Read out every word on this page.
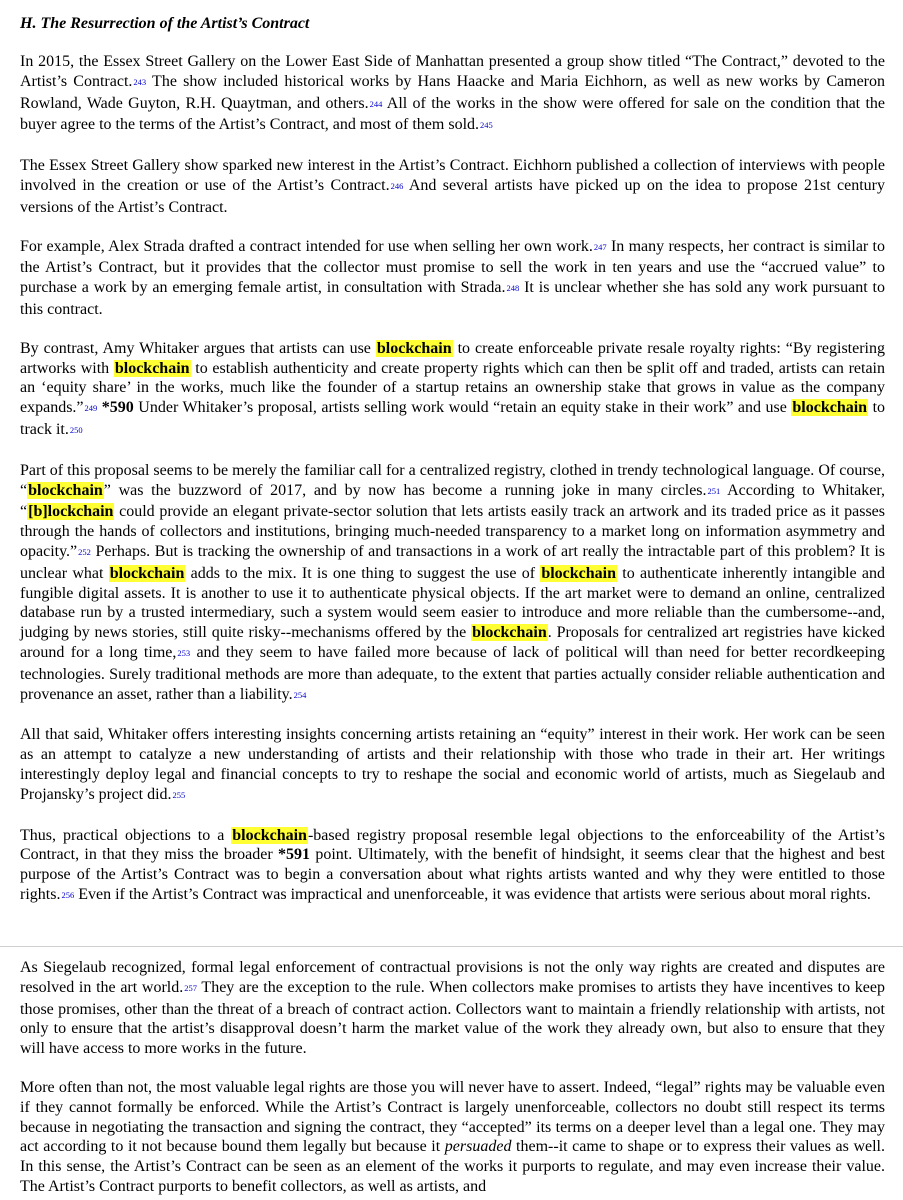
H. The Resurrection of the Artist’s Contract

In 2015, the Essex Street Gallery on the Lower East Side of Manhattan presented a group show titled “The Contract,” devoted to the Artist’s Contract.$^{243}$ The show included historical works by Hans Haacke and Maria Eichhorn, as well as new works by Cameron Rowland, Wade Guyton, R.H. Quaytman, and others.$^{244}$ All of the works in the show were offered for sale on the condition that the buyer agree to the terms of the Artist’s Contract, and most of them sold.$^{245}$

The Essex Street Gallery show sparked new interest in the Artist’s Contract. Eichhorn published a collection of interviews with people involved in the creation or use of the Artist’s Contract.$^{246}$ And several artists have picked up on the idea to propose 21st century versions of the Artist’s Contract.

For example, Alex Strada drafted a contract intended for use when selling her own work.$^{247}$ In many respects, her contract is similar to the Artist’s Contract, but it provides that the collector must promise to sell the work in ten years and use the “accrued value” to purchase a work by an emerging female artist, in consultation with Strada.$^{248}$ It is unclear whether she has sold any work pursuant to this contract.

By contrast, Amy Whitaker argues that artists can use blockchain to create enforceable private resale royalty rights: “By registering artworks with blockchain to establish authenticity and create property rights which can then be split off and traded, artists can retain an ‘equity share’ in the works, much like the founder of a startup retains an ownership stake that grows in value as the company expands.”$^{249}$ *590 Under Whitaker’s proposal, artists selling work would “retain an equity stake in their work” and use blockchain to track it.$^{250}$

Part of this proposal seems to be merely the familiar call for a centralized registry, clothed in trendy technological language. Of course, “blockchain” was the buzzword of 2017, and by now has become a running joke in many circles.$^{251}$ According to Whitaker, “[b]lockchain could provide an elegant private-sector solution that lets artists easily track an artwork and its traded price as it passes through the hands of collectors and institutions, bringing much-needed transparency to a market long on information asymmetry and opacity.”$^{252}$ Perhaps. But is tracking the ownership of and transactions in a work of art really the intractable part of this problem? It is unclear what blockchain adds to the mix. It is one thing to suggest the use of blockchain to authenticate inherently intangible and fungible digital assets. It is another to use it to authenticate physical objects. If the art market were to demand an online, centralized database run by a trusted intermediary, such a system would seem easier to introduce and more reliable than the cumbersome--and, judging by news stories, still quite risky--mechanisms offered by the blockchain. Proposals for centralized art registries have kicked around for a long time,$^{253}$ and they seem to have failed more because of lack of political will than need for better recordkeeping technologies. Surely traditional methods are more than adequate, to the extent that parties actually consider reliable authentication and provenance an asset, rather than a liability.$^{254}$

All that said, Whitaker offers interesting insights concerning artists retaining an “equity” interest in their work. Her work can be seen as an attempt to catalyze a new understanding of artists and their relationship with those who trade in their art. Her writings interestingly deploy legal and financial concepts to try to reshape the social and economic world of artists, much as Siegelaub and Projansky’s project did.$^{255}$

Thus, practical objections to a blockchain-based registry proposal resemble legal objections to the enforceability of the Artist’s Contract, in that they miss the broader *591 point. Ultimately, with the benefit of hindsight, it seems clear that the highest and best purpose of the Artist’s Contract was to begin a conversation about what rights artists wanted and why they were entitled to those rights.$^{256}$ Even if the Artist’s Contract was impractical and unenforceable, it was evidence that artists were serious about moral rights.

As Siegelaub recognized, formal legal enforcement of contractual provisions is not the only way rights are created and disputes are resolved in the art world.$^{257}$ They are the exception to the rule. When collectors make promises to artists they have incentives to keep those promises, other than the threat of a breach of contract action. Collectors want to maintain a friendly relationship with artists, not only to ensure that the artist’s disapproval doesn’t harm the market value of the work they already own, but also to ensure that they will have access to more works in the future.

More often than not, the most valuable legal rights are those you will never have to assert. Indeed, “legal” rights may be valuable even if they cannot formally be enforced. While the Artist’s Contract is largely unenforceable, collectors no doubt still respect its terms because in negotiating the transaction and signing the contract, they “accepted” its terms on a deeper level than a legal one. They may act according to it not because bound them legally but because it persuaded them--it came to shape or to express their values as well. In this sense, the Artist’s Contract can be seen as an element of the works it purports to regulate, and may even increase their value. The Artist’s Contract purports to benefit collectors, as well as artists, and
